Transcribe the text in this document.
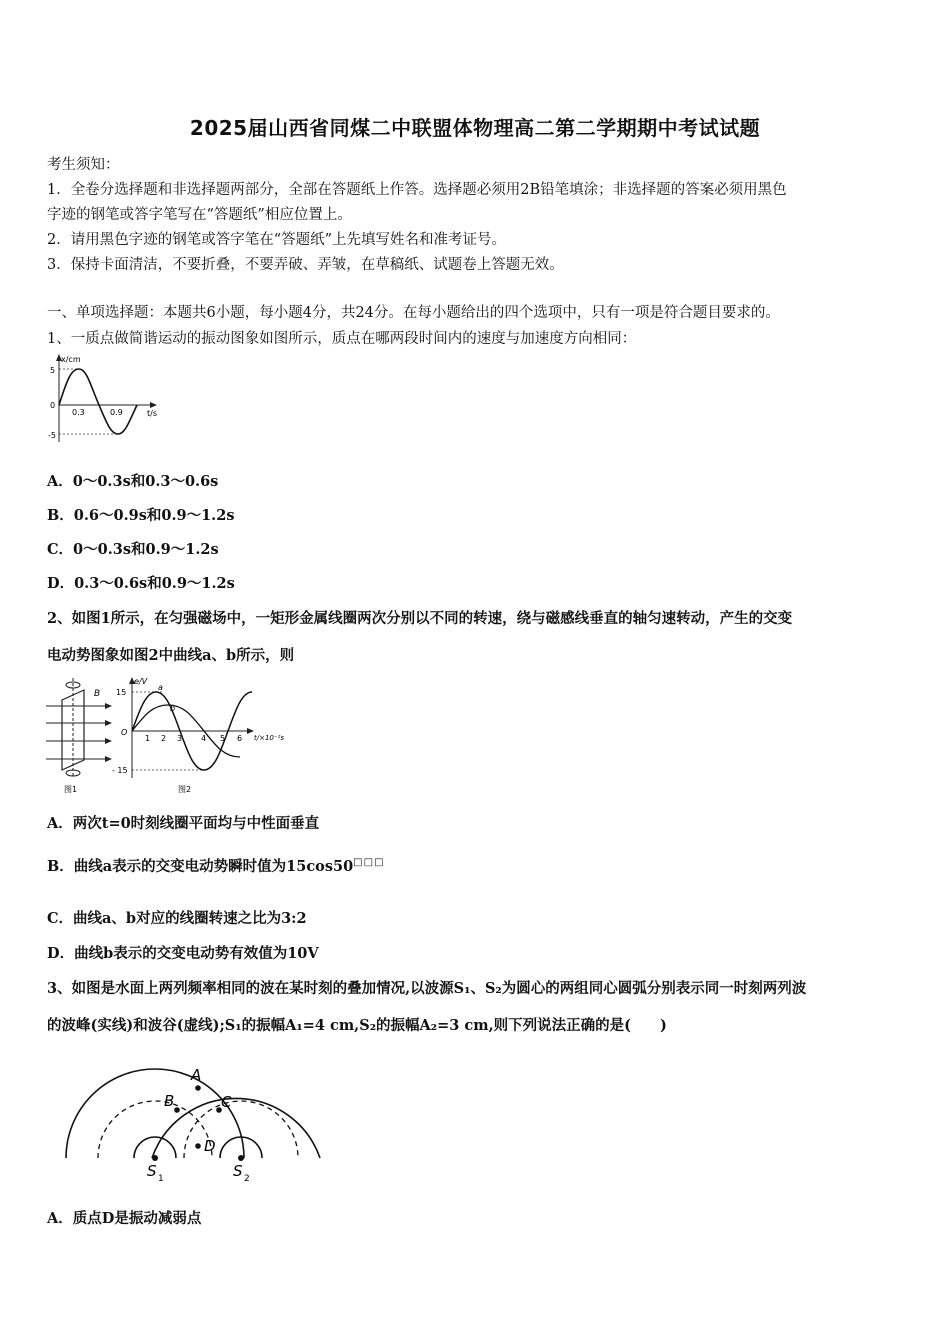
2025届山西省同煤二中联盟体物理高二第二学期期中考试试题
考生须知：
1．全卷分选择题和非选择题两部分，全部在答题纸上作答。选择题必须用2B铅笔填涂；非选择题的答案必须用黑色
字迹的钢笔或答字笔写在“答题纸”相应位置上。
2．请用黑色字迹的钢笔或答字笔在“答题纸”上先填写姓名和准考证号。
3．保持卡面清洁，不要折叠，不要弄破、弄皱，在草稿纸、试题卷上答题无效。
一、单项选择题：本题共6小题，每小题4分，共24分。在每小题给出的四个选项中，只有一项是符合题目要求的。
1、一质点做简谐运动的振动图象如图所示，质点在哪两段时间内的速度与加速度方向相同：
x/cm
t/s
5
0
-5
0.3	0.9
A．0～0.3s和0.3～0.6s
B．0.6～0.9s和0.9～1.2s
C．0～0.3s和0.9～1.2s
D．0.3～0.6s和0.9～1.2s
2、如图1所示，在匀强磁场中，一矩形金属线圈两次分别以不同的转速，绕与磁感线垂直的轴匀速转动，产生的交变
电动势图象如图2中曲线a、b所示，则
B
图1
e/V
t/×10⁻²s
15
- 15
O
a
b
1 2 3 4 5 6
图2
A．两次t=0时刻线圈平面均与中性面垂直
B．曲线a表示的交变电动势瞬时值为15cos50□□□
C．曲线a、b对应的线圈转速之比为3:2
D．曲线b表示的交变电动势有效值为10V
3、如图是水面上两列频率相同的波在某时刻的叠加情况,以波源S₁、S₂为圆心的两组同心圆弧分别表示同一时刻两列波
的波峰(实线)和波谷(虚线);S₁的振幅A₁=4 cm,S₂的振幅A₂=3 cm,则下列说法正确的是(　　)
A
B	C
D
S 1	S 2
A．质点D是振动减弱点
